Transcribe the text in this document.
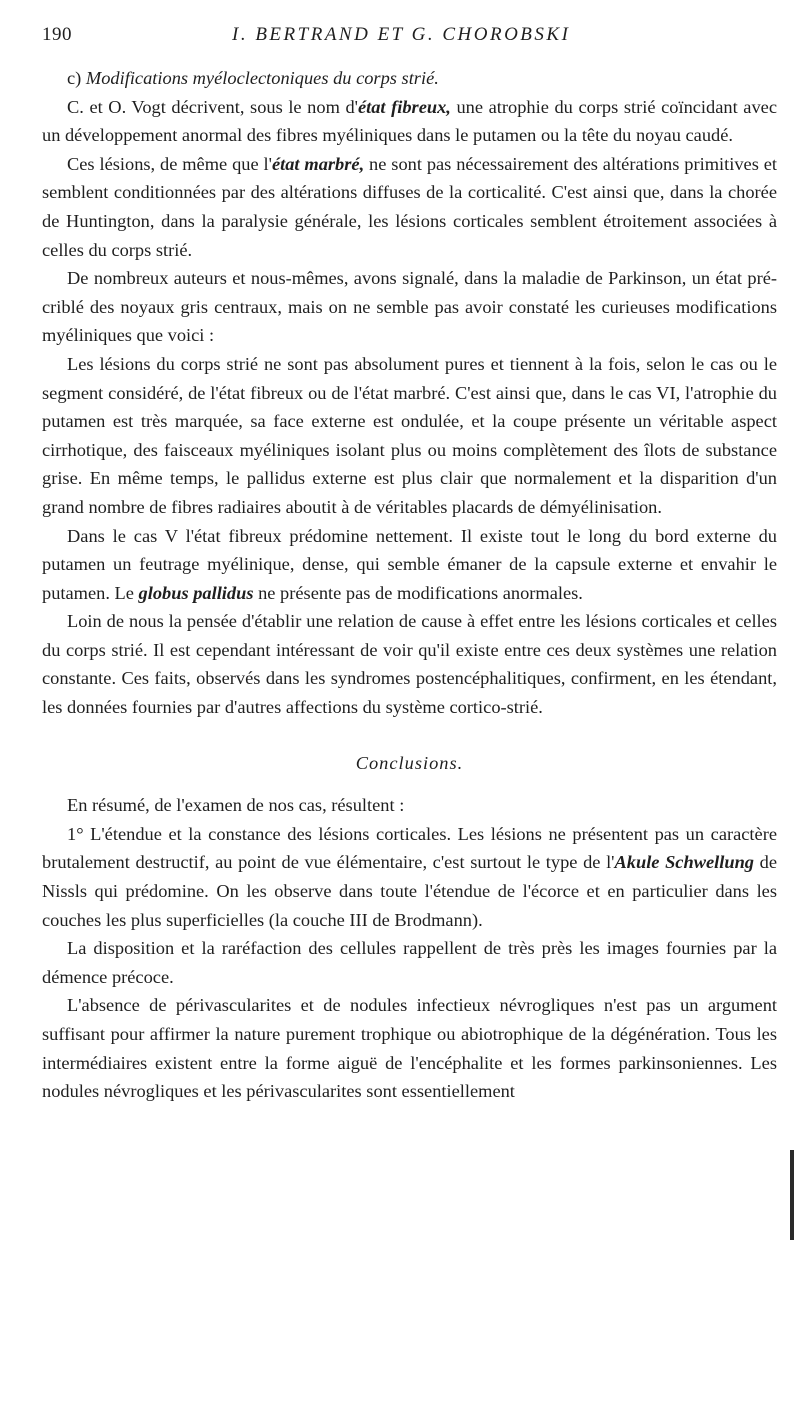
190	I. BERTRAND ET G. CHOROBSKI

c) Modifications myéloclectoniques du corps strié.

C. et O. Vogt décrivent, sous le nom d'état fibreux, une atrophie du corps strié coïncidant avec un développement anormal des fibres myéliniques dans le putamen ou la tête du noyau caudé.

Ces lésions, de même que l'état marbré, ne sont pas nécessairement des altérations primitives et semblent conditionnées par des altérations diffuses de la corticalité. C'est ainsi que, dans la chorée de Huntington, dans la paralysie générale, les lésions corticales semblent étroitement associées à celles du corps strié.

De nombreux auteurs et nous-mêmes, avons signalé, dans la maladie de Parkinson, un état pré-criblé des noyaux gris centraux, mais on ne semble pas avoir constaté les curieuses modifications myéliniques que voici :

Les lésions du corps strié ne sont pas absolument pures et tiennent à la fois, selon le cas ou le segment considéré, de l'état fibreux ou de l'état marbré. C'est ainsi que, dans le cas VI, l'atrophie du putamen est très marquée, sa face externe est ondulée, et la coupe présente un véritable aspect cirrhotique, des faisceaux myéliniques isolant plus ou moins complètement des îlots de substance grise. En même temps, le pallidus externe est plus clair que normalement et la disparition d'un grand nombre de fibres radiaires aboutit à de véritables placards de démyélinisation.

Dans le cas V l'état fibreux prédomine nettement. Il existe tout le long du bord externe du putamen un feutrage myélinique, dense, qui semble émaner de la capsule externe et envahir le putamen. Le globus pallidus ne présente pas de modifications anormales.

Loin de nous la pensée d'établir une relation de cause à effet entre les lésions corticales et celles du corps strié. Il est cependant intéressant de voir qu'il existe entre ces deux systèmes une relation constante. Ces faits, observés dans les syndromes postencéphalitiques, confirment, en les étendant, les données fournies par d'autres affections du système cortico-strié.

Conclusions.

En résumé, de l'examen de nos cas, résultent :

1° L'étendue et la constance des lésions corticales. Les lésions ne présentent pas un caractère brutalement destructif, au point de vue élémentaire, c'est surtout le type de l'Akule Schwellung de Nissls qui prédomine. On les observe dans toute l'étendue de l'écorce et en particulier dans les couches les plus superficielles (la couche III de Brodmann).

La disposition et la raréfaction des cellules rappellent de très près les images fournies par la démence précoce.

L'absence de périvascularites et de nodules infectieux névrogliques n'est pas un argument suffisant pour affirmer la nature purement trophique ou abiotrophique de la dégénération. Tous les intermédiaires existent entre la forme aiguë de l'encéphalite et les formes parkinsoniennes. Les nodules névrogliques et les périvascularites sont essentiellement
